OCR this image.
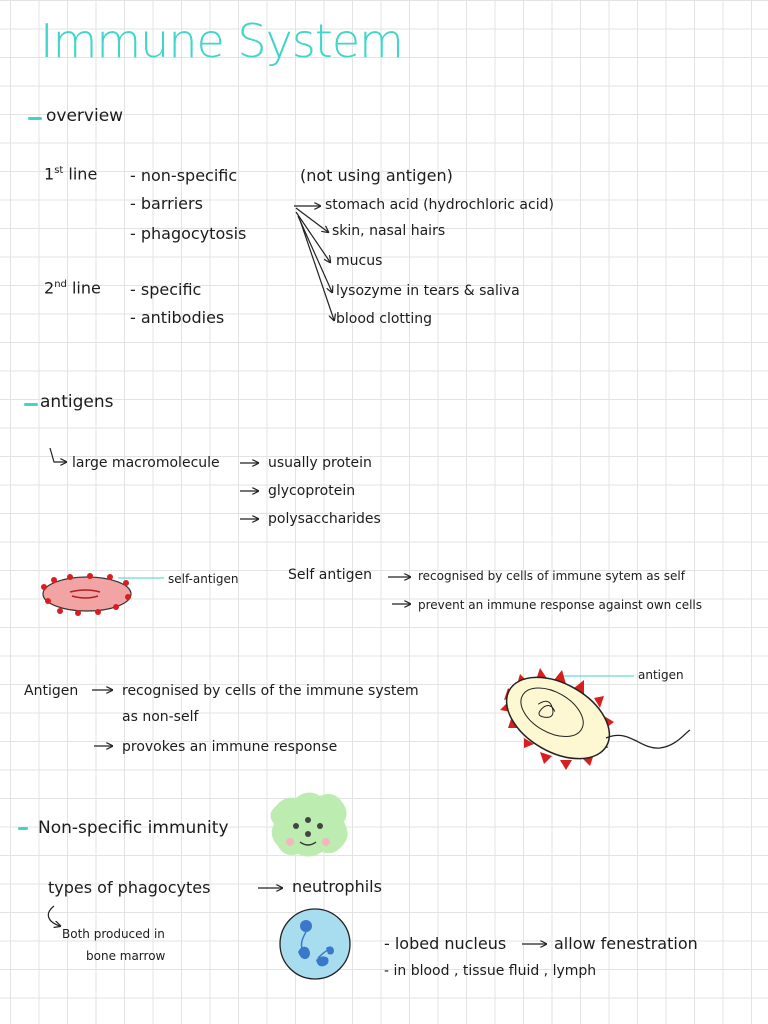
Immune System
overview
1st line - non-specific
- barriers
- phagocytosis
2nd line - specific
- antibodies
(not using antigen)
stomach acid (hydrochloric acid)
skin, nasal hairs
mucus
lysozyme in tears & saliva
blood clotting
antigens
large macromolecule	usually protein
glycoprotein
polysaccharides
self-antigen	Self antigen	recognised by cells of immune sytem as self
prevent an immune response against own cells
Antigen	recognised by cells of the immune system
as non-self
provokes an immune response
antigen
Non-specific immunity
types of phagocytes	neutrophils
Both produced in
bone marrow
- lobed nucleus	allow fenestration
- in blood , tissue fluid , lymph
